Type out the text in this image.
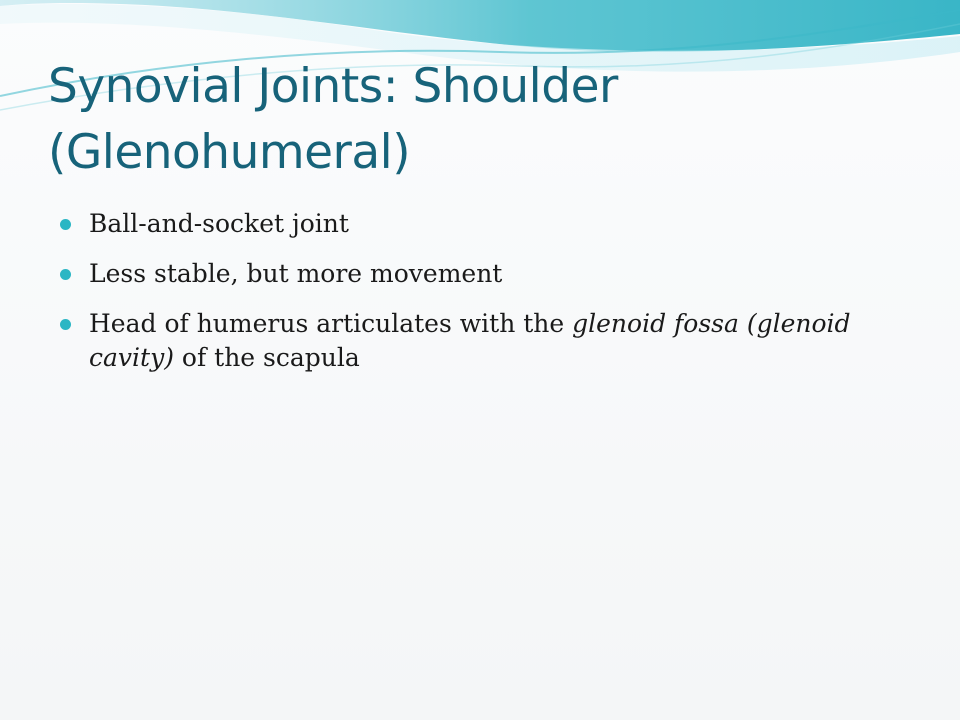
Synovial Joints: Shoulder (Glenohumeral)
Ball-and-socket joint
Less stable, but more movement
Head of humerus articulates with the glenoid fossa (glenoid cavity) of the scapula
